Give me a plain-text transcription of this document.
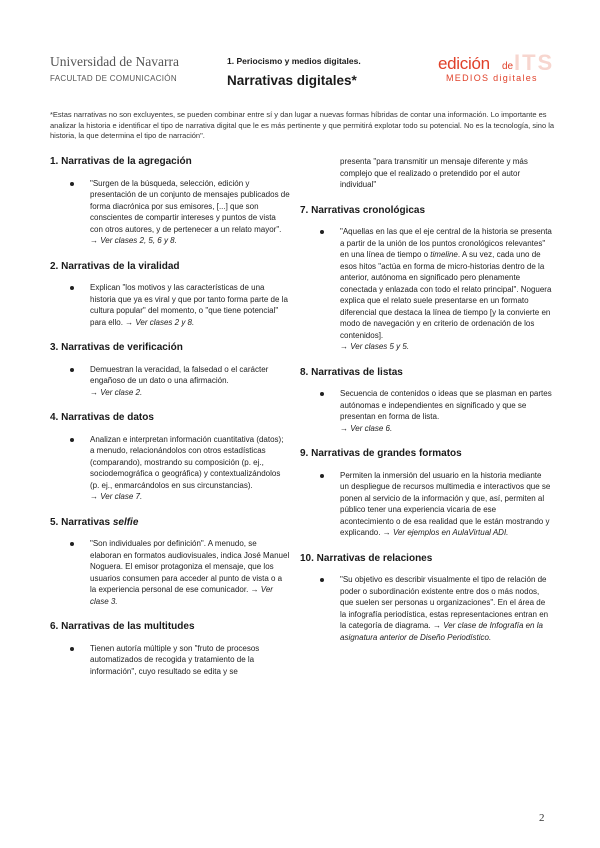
Universidad de Navarra
FACULTAD DE COMUNICACIÓN
1. Periocismo y medios digitales.
Narrativas digitales*
ITS
edición de
MEDIOS digitales

*Estas narrativas no son excluyentes, se pueden combinar entre sí y dan lugar a nuevas formas híbridas de contar una información. Lo importante es analizar la historia e identificar el tipo de narrativa digital que le es más pertinente y que permitirá explotar todo su potencial. No es la tecnología, sino la historia, la que determina el tipo de narración".

1. Narrativas de la agregación
"Surgen de la búsqueda, selección, edición y presentación de un conjunto de mensajes publicados de forma diacrónica por sus emisores, [...] que son conscientes de compartir intereses y puntos de vista con otros autores, y de pertenecer a un relato mayor". → Ver clases 2, 5, 6 y 8.
2. Narrativas de la viralidad
Explican "los motivos y las características de una historia que ya es viral y que por tanto forma parte de la cultura popular" del momento, o "que tiene potencial" para ello. → Ver clases 2 y 8.
3. Narrativas de verificación
Demuestran la veracidad, la falsedad o el carácter engañoso de un dato o una afirmación.
→ Ver clase 2.
4. Narrativas de datos
Analizan e interpretan información cuantitativa (datos); a menudo, relacionándolos con otros estadísticas (comparando), mostrando su composición (p. ej., sociodemográfica o geográfica) y contextualizándolos (p. ej., enmarcándolos en sus circunstancias).
→ Ver clase 7.
5. Narrativas selfie
"Son individuales por definición". A menudo, se elaboran en formatos audiovisuales, indica José Manuel Noguera. El emisor protagoniza el mensaje, que los usuarios consumen para acceder al punto de vista o a la experiencia personal de ese comunicador. → Ver clase 3.
6. Narrativas de las multitudes
Tienen autoría múltiple y son "fruto de procesos automatizados de recogida y tratamiento de la información", cuyo resultado se edita y se
presenta "para transmitir un mensaje diferente y más complejo que el realizado o pretendido por el autor individual"
7. Narrativas cronológicas
"Aquellas en las que el eje central de la historia se presenta a partir de la unión de los puntos cronológicos relevantes" en una línea de tiempo o timeline. A su vez, cada uno de esos hitos "actúa en forma de micro-historias dentro de la anterior, autónoma en significado pero plenamente conectada y enlazada con todo el relato principal". Noguera explica que el relato suele presentarse en un formato diferencial que destaca la línea de tiempo [y la convierte en modo de navegación y en criterio de ordenación de los contenidos].
→ Ver clases 5 y 5.
8. Narrativas de listas
Secuencia de contenidos o ideas que se plasman en partes autónomas e independientes en significado y que se presentan en forma de lista.
→ Ver clase 6.
9. Narrativas de grandes formatos
Permiten la inmersión del usuario en la historia mediante un despliegue de recursos multimedia e interactivos que se ponen al servicio de la información y que, así, permiten al público tener una experiencia vicaria de ese acontecimiento o de esa realidad que le están mostrando y explicando. → Ver ejemplos en AulaVirtual ADI.
10. Narrativas de relaciones
"Su objetivo es describir visualmente el tipo de relación de poder o subordinación existente entre dos o más nodos, que suelen ser personas u organizaciones". En el área de la infografía periodística, estas representaciones entran en la categoría de diagrama. → Ver clase de Infografía en la asignatura anterior de Diseño Periodístico.
2
